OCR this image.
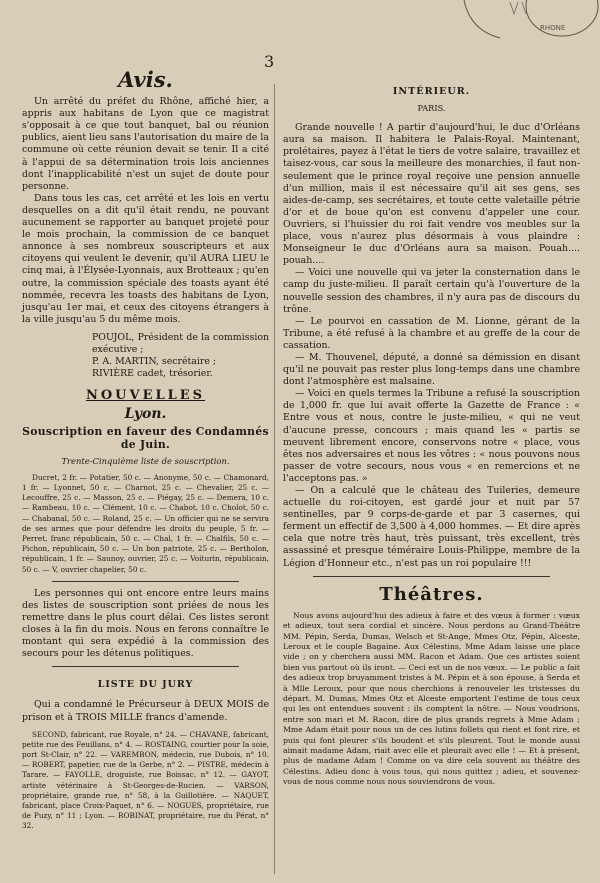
RHONE
3
Avis.

Un arrêté du préfet du Rhône, affiché hier, a appris aux habitans de Lyon que ce magistrat s'opposait à ce que tout banquet, bal ou réunion publics, aient lieu sans l'autorisation du maire de la commune où cette réunion devait se tenir. Il a cité à l'appui de sa détermination trois lois anciennes dont l'inapplicabilité n'est un sujet de doute pour personne.

Dans tous les cas, cet arrêté et les lois en vertu desquelles on a dit qu'il était rendu, ne pouvant aucunement se rapporter au banquet projeté pour le mois prochain, la commission de ce banquet annonce à ses nombreux souscripteurs et aux citoyens qui veulent le devenir, qu'il AURA LIEU le cinq mai, à l'Élysée-Lyonnais, aux Brotteaux ; qu'en outre, la commission spéciale des toasts ayant été nommée, recevra les toasts des habitans de Lyon, jusqu'au 1er mai, et ceux des citoyens étrangers à la ville jusqu'au 5 du même mois.

POUJOL, Président de la commission exécutive ;

P. A. MARTIN, secrétaire ;

RIVIÈRE cadet, trésorier.

NOUVELLES
Lyon.
Souscription en faveur des Condamnés de Juin.
Trente-Cinquième liste de souscription.

Ducret, 2 fr. — Potatier, 50 c. — Anonyme, 50 c. — Chamonard, 1 fr. — Lyonnet, 50 c. — Charnot, 25 c. — Chevalier, 25 c. — Lecouffre, 25 c. — Masson, 25 c. — Piégay, 25 c. — Demera, 10 c. — Rambeau, 10 c. — Clément, 10 c. — Chabot, 10 c. Cholot, 50 c. — Chabanal, 50 c. — Roland, 25 c. — Un officier qui ne se servira de ses armes que pour défendre les droits du peuple, 5 fr. — Perret, franc républicain, 50 c. — Chal, 1 fr. — Chalfils, 50 c. — Pichon, républicain, 50 c. — Un bon patriote, 25 c. — Bertholon, républicain, 1 fr. — Saunoy, ouvrier, 25 c. — Voiturin, républicain, 50 c. — V, ouvrier chapelier, 50 c.

Les personnes qui ont encore entre leurs mains des listes de souscription sont priées de nous les remettre dans le plus court délai. Ces listes seront closes à la fin du mois. Nous en ferons connaître le montant qui sera expédié à la commission des secours pour les détenus politiques.

LISTE DU JURY

Qui a condamné le Précurseur à DEUX MOIS de prison et à TROIS MILLE francs d'amende.

SECOND, fabricant, rue Royale, n° 24. — CHAVANE, fabricant, petite rue des Feuillans, n° 4. — ROSTAING, courtier pour la soie, port St-Clair, n° 22. — VAREMBON, médecin, rue Dubois, n° 10. — ROBERT, papetier, rue de la Gerbe, n° 2. — PISTRE, médecin à Tarare. — FAYOLLE, droguiste, rue Boissac, n° 12. — GAYOT, artiste vétérinaire à St-Georges-de-Rucien. — VARSON, propriétaire, grande rue, n° 58, à la Guillotière. — NAQUET, fabricant, place Croix-Paquet, n° 6. — NOGUES, propriétaire, rue de Puzy, n° 11 ; Lyon. — ROBINAT, propriétaire, rue du Pérat, n° 32.

INTÉRIEUR.
PARIS.

Grande nouvelle ! A partir d'aujourd'hui, le duc d'Orléans aura sa maison. Il habitera le Palais-Royal. Maintenant, prolétaires, payez à l'état le tiers de votre salaire, travaillez et taisez-vous, car sous la meilleure des monarchies, il faut non-seulement que le prince royal reçoive une pension annuelle d'un million, mais il est nécessaire qu'il ait ses gens, ses aides-de-camp, ses secrétaires, et toute cette valetaille pétrie d'or et de boue qu'on est convenu d'appeler une cour. Ouvriers, si l'huissier du roi fait vendre vos meubles sur la place, vous n'aurez plus désormais à vous plaindre : Monseigneur le duc d'Orléans aura sa maison. Pouah.... pouah....

— Voici une nouvelle qui va jeter la consternation dans le camp du juste-milieu. Il paraît certain qu'à l'ouverture de la nouvelle session des chambres, il n'y aura pas de discours du trône.

— Le pourvoi en cassation de M. Lionne, gérant de la Tribune, a été refusé à la chambre et au greffe de la cour de cassation.

— M. Thouvenel, député, a donné sa démission en disant qu'il ne pouvait pas rester plus long-temps dans une chambre dont l'atmosphère est malsaine.

— Voici en quels termes la Tribune a refusé la souscription de 1,000 fr. que lui avait offerte la Gazette de France : « Entre vous et nous, contre le juste-milieu, « qui ne veut d'aucune presse, concours ; mais quand les « partis se meuvent librement encore, conservons notre « place, vous êtes nos adversaires et nous les vôtres : « nous pouvons nous passer de votre secours, nous vous « en remercions et ne l'acceptons pas. »

— On a calculé que le château des Tuileries, demeure actuelle du roi-citoyen, est gardé jour et nuit par 57 sentinelles, par 9 corps-de-garde et par 3 casernes, qui ferment un effectif de 3,500 à 4,000 hommes. — Et dire après cela que notre très haut, très puissant, très excellent, très assassiné et presque téméraire Louis-Philippe, membre de la Légion d'Honneur etc., n'est pas un roi populaire !!!

Théâtres.

Nous avons aujourd'hui des adieux à faire et des vœux à former : vœux et adieux, tout sera cordial et sincère. Nous perdons au Grand-Théâtre MM. Pépin, Serda, Dumas, Welsch et St-Ange, Mmes Otz, Pépin, Alceste, Leroux et le couple Bagaine. Aux Célestins, Mme Adam laisse une place vide ; on y cherchera aussi MM. Racon et Adam. Que ces artistes soient bien vus partout où ils iront. — Ceci est un de nos vœux. — Le public a fait des adieux trop bruyamment tristes à M. Pépin et à son épouse, à Serda et à Mlle Leroux, pour que nous cherchions à renouveler les tristesses du départ. M. Dumas, Mmes Otz et Alceste emportent l'estime de tous ceux qui les ont entendues souvent : ils comptent la nôtre. — Nous voudrions, entre son mari et M. Racon, dire de plus grands regrets à Mme Adam ; Mme Adam était pour nous un de ces lutins follets qui rient et font rire, et puis qui font pleurer s'ils boudent et s'ils pleurent. Tout le monde aussi aimait madame Adam, riait avec elle et pleurait avec elle ! — Et à présent, plus de madame Adam ! Comme on va dire cela souvent au théâtre des Célestins. Adieu donc à vous tous, qui nous quittez ; adieu, et souvenez-vous de nous comme nous nous souviendrons de vous.
